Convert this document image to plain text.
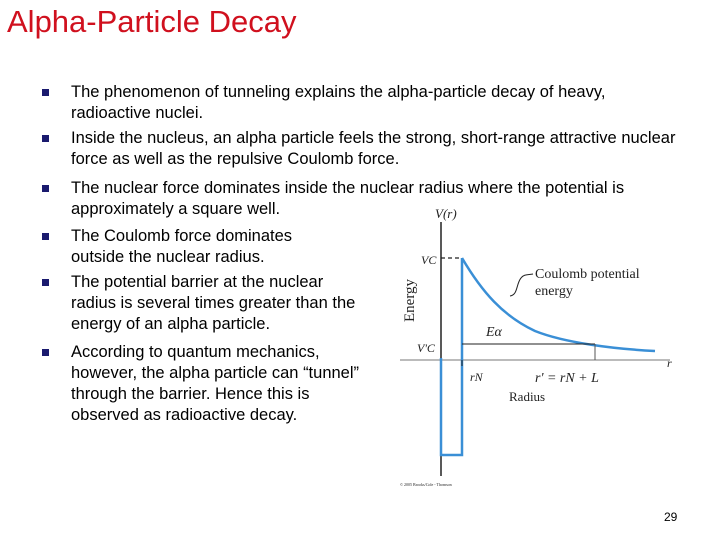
Alpha-Particle Decay
The phenomenon of tunneling explains the alpha-particle decay of heavy, radioactive nuclei.
Inside the nucleus, an alpha particle feels the strong, short-range attractive nuclear force as well as the repulsive Coulomb force.
The nuclear force dominates inside the nuclear radius where the potential is approximately a square well.
The Coulomb force dominates outside the nuclear radius.
The potential barrier at the nuclear radius is several times greater than the energy of an alpha particle.
According to quantum mechanics, however, the alpha particle can “tunnel” through the barrier. Hence this is observed as radioactive decay.
V(r)
r
Energy
Radius
VC
V'C
Eα
rN	r' = rN + L
Coulomb potential
energy
© 2005 Brooks/Cole - Thomson
29
